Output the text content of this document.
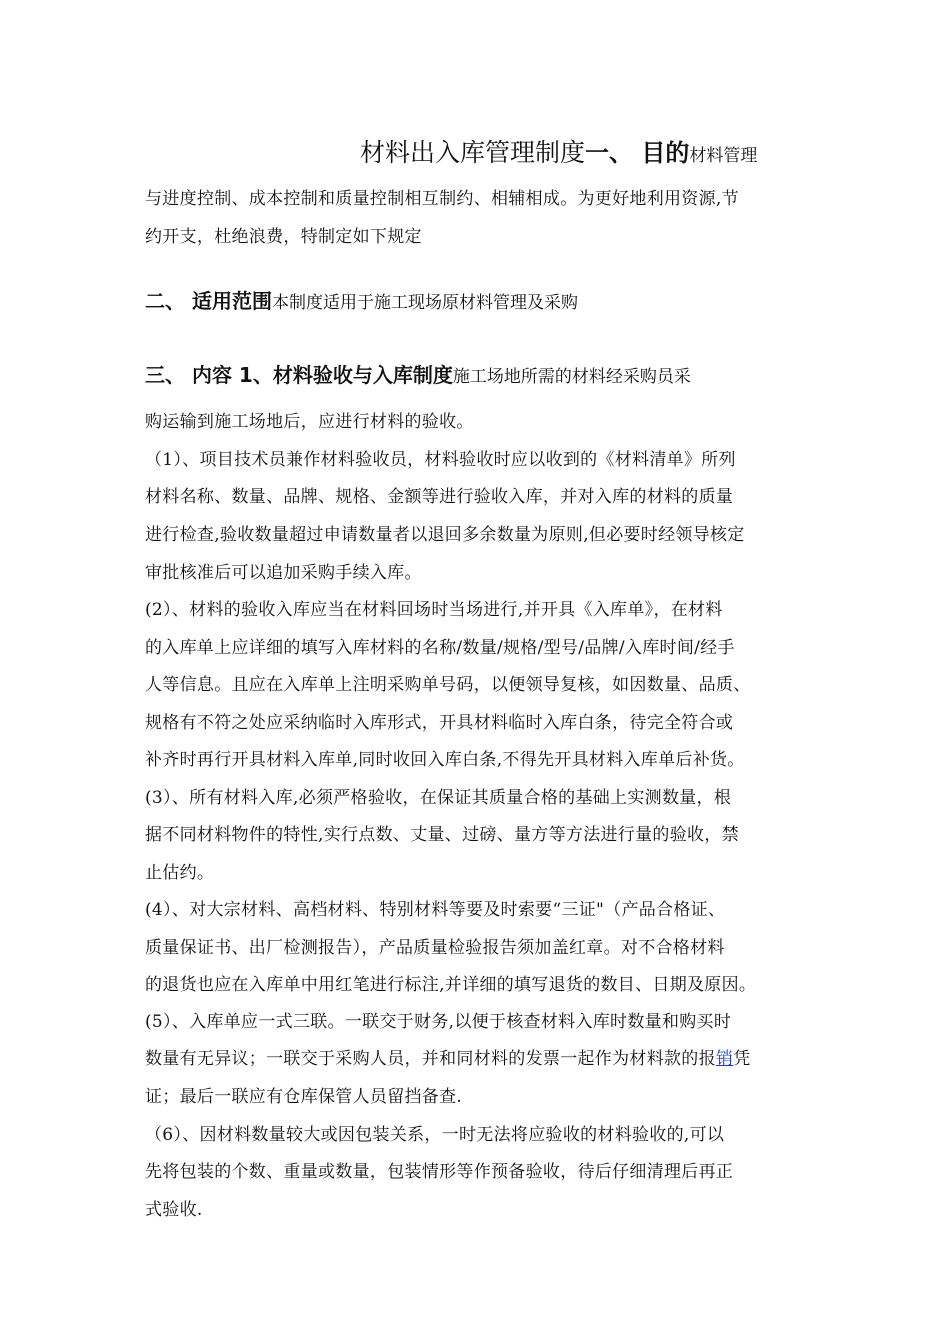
材料出入库管理制度一、 目的材料管理
与进度控制、成本控制和质量控制相互制约、相辅相成。为更好地利用资源,节
约开支，杜绝浪费，特制定如下规定
二、 适用范围本制度适用于施工现场原材料管理及采购
三、 内容 1、材料验收与入库制度施工场地所需的材料经采购员采
购运输到施工场地后，应进行材料的验收。
（1）、项目技术员兼作材料验收员，材料验收时应以收到的《材料清单》所列
材料名称、数量、品牌、规格、金额等进行验收入库，并对入库的材料的质量
进行检查,验收数量超过申请数量者以退回多余数量为原则,但必要时经领导核定
审批核准后可以追加采购手续入库。
(2）、材料的验收入库应当在材料回场时当场进行,并开具《入库单》，在材料
的入库单上应详细的填写入库材料的名称/数量/规格/型号/品牌/入库时间/经手
人等信息。且应在入库单上注明采购单号码，以便领导复核，如因数量、品质、
规格有不符之处应采纳临时入库形式，开具材料临时入库白条，待完全符合或
补齐时再行开具材料入库单,同时收回入库白条,不得先开具材料入库单后补货。
(3）、所有材料入库,必须严格验收，在保证其质量合格的基础上实测数量，根
据不同材料物件的特性,实行点数、丈量、过磅、量方等方法进行量的验收，禁
止估约。
(4）、对大宗材料、高档材料、特别材料等要及时索要“三证"（产品合格证、
质量保证书、出厂检测报告），产品质量检验报告须加盖红章。对不合格材料
的退货也应在入库单中用红笔进行标注,并详细的填写退货的数目、日期及原因。
(5）、入库单应一式三联。一联交于财务,以便于核查材料入库时数量和购买时
数量有无异议；一联交于采购人员，并和同材料的发票一起作为材料款的报销凭
证；最后一联应有仓库保管人员留挡备查.
（6）、因材料数量较大或因包装关系，一时无法将应验收的材料验收的,可以
先将包装的个数、重量或数量，包装情形等作预备验收，待后仔细清理后再正
式验收.
